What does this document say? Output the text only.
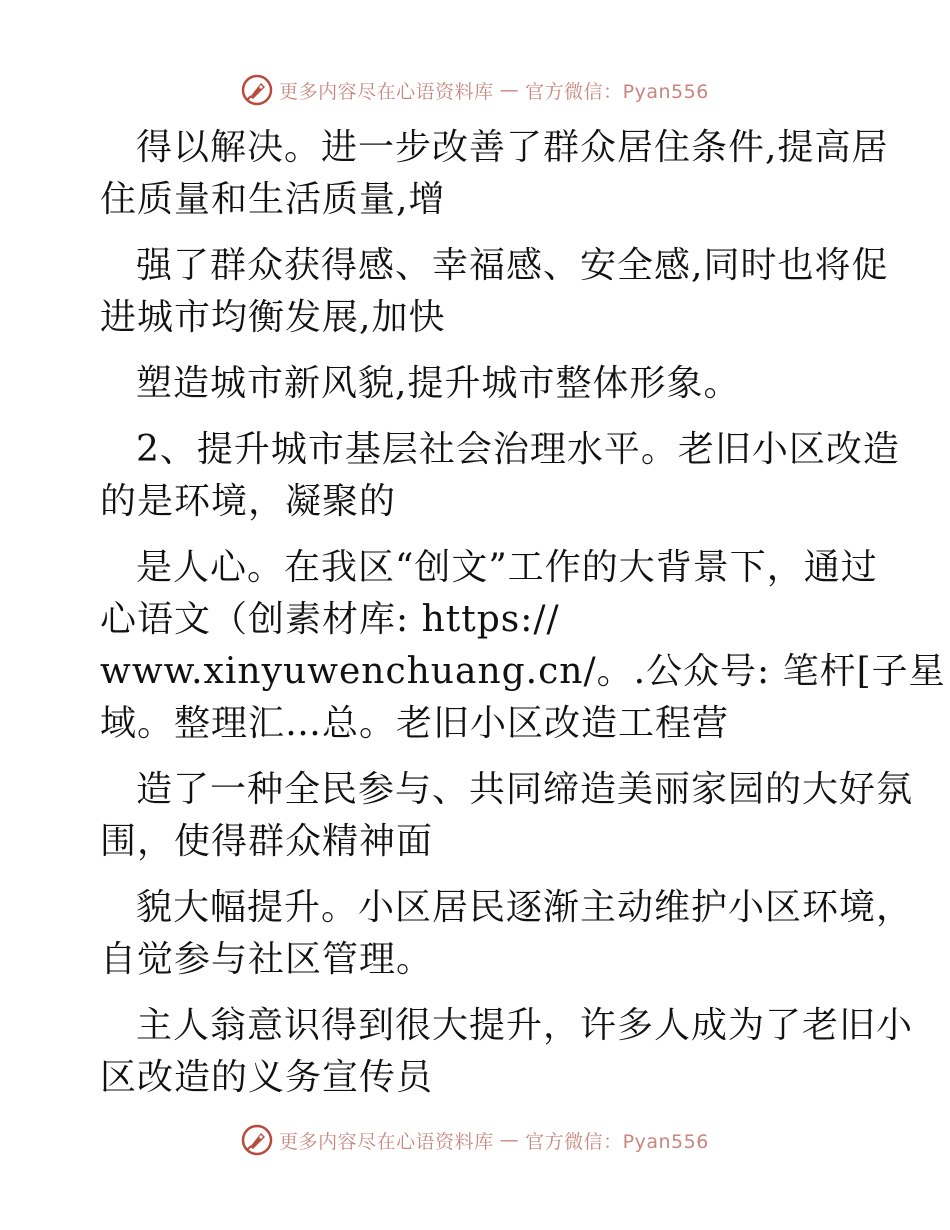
更多内容尽在心语资料库 — 官方微信：Pyan556
得以解决。进一步改善了群众居住条件,提高居
住质量和生活质量,增
强了群众获得感、幸福感、安全感,同时也将促
进城市均衡发展,加快
塑造城市新风貌,提升城市整体形象。
2、提升城市基层社会治理水平。老旧小区改造
的是环境，凝聚的
是人心。在我区“创文”工作的大背景下，通过
心语文（创素材库: https://
www.xinyuwenchuang.cn/。.公众号: 笔杆[子星
域。整理汇…总。老旧小区改造工程营
造了一种全民参与、共同缔造美丽家园的大好氛
围，使得群众精神面
貌大幅提升。小区居民逐渐主动维护小区环境，
自觉参与社区管理。
主人翁意识得到很大提升，许多人成为了老旧小
区改造的义务宣传员
更多内容尽在心语资料库 — 官方微信：Pyan556
